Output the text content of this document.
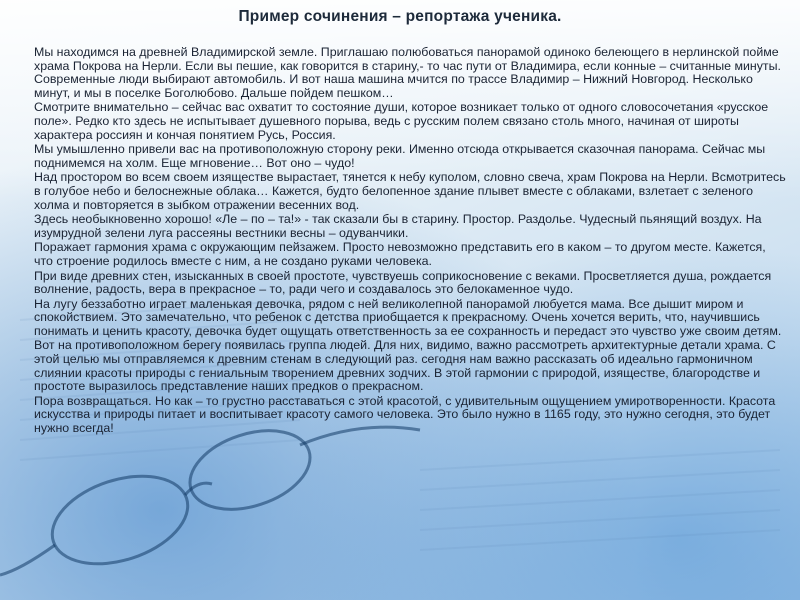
Пример сочинения – репортажа ученика.

Мы находимся на древней Владимирской земле. Приглашаю полюбоваться панорамой одиноко белеющего в нерлинской пойме храма Покрова на Нерли. Если вы пешие, как говорится в старину,- то час пути от Владимира, если конные – считанные минуты. Современные люди выбирают автомобиль. И вот наша машина мчится по трассе Владимир – Нижний Новгород. Несколько минут, и мы в поселке Боголюбово. Дальше пойдем пешком…

Смотрите внимательно – сейчас вас охватит то состояние души, которое возникает только от одного словосочетания «русское поле». Редко кто здесь не испытывает душевного порыва, ведь с русским полем связано столь много, начиная от широты характера россиян и кончая понятием Русь, Россия.

Мы умышленно привели вас на противоположную сторону реки. Именно отсюда открывается сказочная панорама. Сейчас мы поднимемся на холм. Еще мгновение… Вот оно – чудо!

Над простором во всем своем изяществе вырастает, тянется к небу куполом, словно свеча, храм Покрова на Нерли. Всмотритесь в голубое небо и белоснежные облака… Кажется, будто белопенное здание плывет вместе с облаками, взлетает с зеленого холма и повторяется в зыбком отражении весенних вод.

Здесь необыкновенно хорошо! «Ле – по – та!» - так сказали бы в старину. Простор. Раздолье. Чудесный пьянящий воздух. На изумрудной зелени луга рассеяны вестники весны – одуванчики.

Поражает гармония храма с окружающим пейзажем. Просто невозможно представить его в каком – то другом месте. Кажется, что строение родилось вместе с ним, а не создано руками человека.

При виде древних стен, изысканных в своей простоте, чувствуешь соприкосновение с веками. Просветляется душа, рождается волнение, радость, вера в прекрасное – то, ради чего и создавалось это белокаменное чудо.

На лугу беззаботно играет маленькая девочка, рядом с ней великолепной панорамой любуется мама. Все дышит миром и спокойствием. Это замечательно, что ребенок с детства приобщается к прекрасному. Очень хочется верить, что, научившись понимать и ценить красоту, девочка будет ощущать ответственность за ее сохранность и передаст это чувство уже своим детям.

Вот на противоположном берегу появилась группа людей. Для них, видимо, важно рассмотреть архитектурные детали храма. С этой целью мы отправляемся к древним стенам в следующий раз. сегодня нам важно рассказать об идеально гармоничном слиянии красоты природы с гениальным творением древних зодчих. В этой гармонии с природой, изяществе, благородстве и простоте выразилось представление наших предков о прекрасном.

Пора возвращаться. Но как – то грустно расставаться с этой красотой, с удивительным ощущением умиротворенности. Красота искусства и природы питает и воспитывает красоту самого человека. Это было нужно в 1165 году, это нужно сегодня, это будет нужно всегда!
